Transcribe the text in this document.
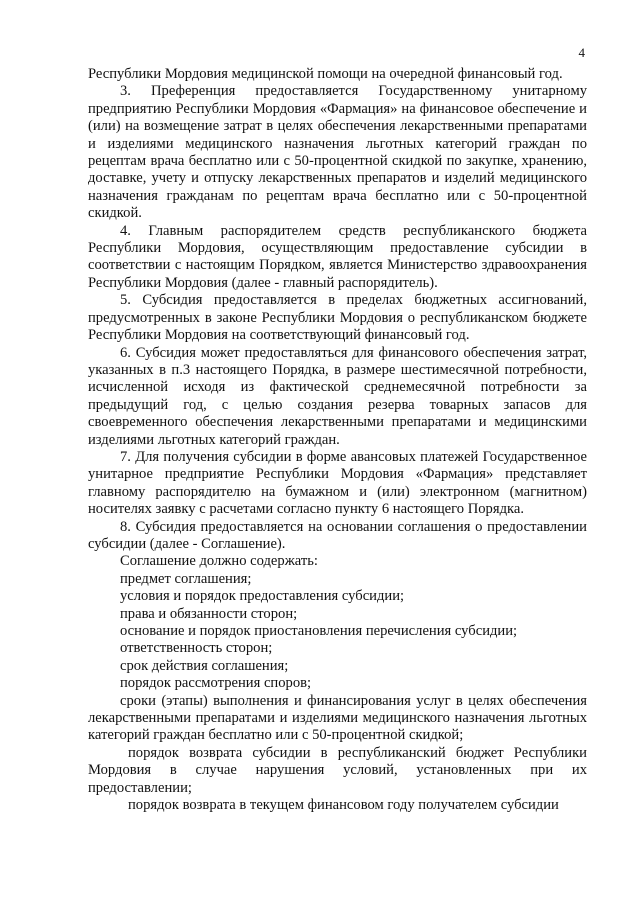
4

Республики Мордовия медицинской помощи на очередной финансовый год.

3. Преференция предоставляется Государственному унитарному предприятию Республики Мордовия «Фармация» на финансовое обеспечение и (или) на возмещение затрат в целях обеспечения лекарственными препаратами и изделиями медицинского назначения льготных категорий граждан по рецептам врача бесплатно или с 50-процентной скидкой по закупке, хранению, доставке, учету и отпуску лекарственных препаратов и изделий медицинского назначения гражданам по рецептам врача бесплатно или с 50-процентной скидкой.

4. Главным распорядителем средств республиканского бюджета Республики Мордовия, осуществляющим предоставление субсидии в соответствии с настоящим Порядком, является Министерство здравоохранения Республики Мордовия (далее - главный распорядитель).

5. Субсидия предоставляется в пределах бюджетных ассигнований, предусмотренных в законе Республики Мордовия о республиканском бюджете Республики Мордовия на соответствующий финансовый год.

6. Субсидия может предоставляться для финансового обеспечения затрат, указанных в п.3 настоящего Порядка, в размере шестимесячной потребности, исчисленной исходя из фактической среднемесячной потребности за предыдущий год, с целью создания резерва товарных запасов для своевременного обеспечения лекарственными препаратами и медицинскими изделиями льготных категорий граждан.

7. Для получения субсидии в форме авансовых платежей Государственное унитарное предприятие Республики Мордовия «Фармация» представляет главному распорядителю на бумажном и (или) электронном (магнитном) носителях заявку с расчетами согласно пункту 6 настоящего Порядка.

8. Субсидия предоставляется на основании соглашения о предоставлении субсидии (далее - Соглашение).

Соглашение должно содержать:

предмет соглашения;

условия и порядок предоставления субсидии;

права и обязанности сторон;

основание и порядок приостановления перечисления субсидии;

ответственность сторон;

срок действия соглашения;

порядок рассмотрения споров;

сроки (этапы) выполнения и финансирования услуг в целях обеспечения лекарственными препаратами и изделиями медицинского назначения льготных категорий граждан бесплатно или с 50-процентной скидкой;

порядок возврата субсидии в республиканский бюджет Республики Мордовия в случае нарушения условий, установленных при их предоставлении;

порядок возврата в текущем финансовом году получателем субсидии
